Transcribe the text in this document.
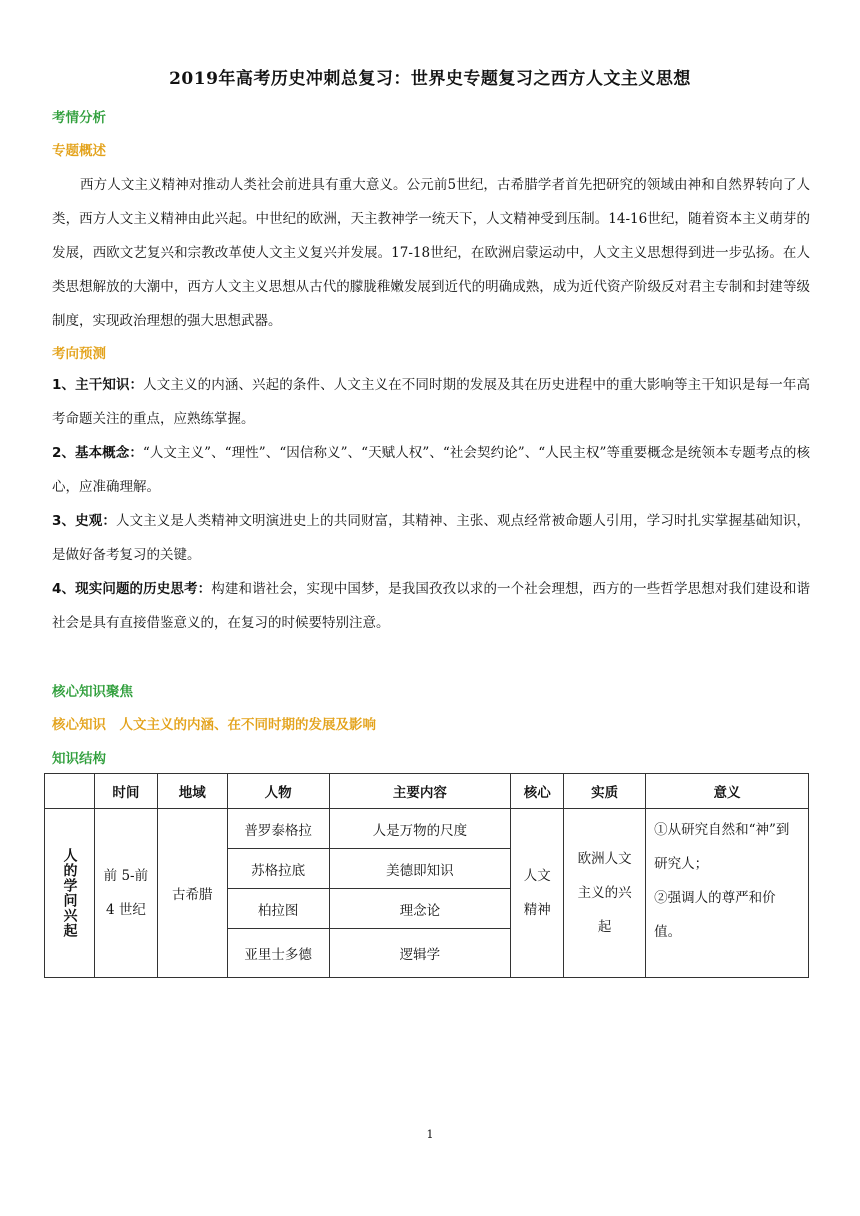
2019年高考历史冲刺总复习：世界史专题复习之西方人文主义思想
考情分析
专题概述
西方人文主义精神对推动人类社会前进具有重大意义。公元前5世纪，古希腊学者首先把研究的领域由神和自然界转向了人类，西方人文主义精神由此兴起。中世纪的欧洲，天主教神学一统天下，人文精神受到压制。14-16世纪，随着资本主义萌芽的发展，西欧文艺复兴和宗教改革使人文主义复兴并发展。17-18世纪，在欧洲启蒙运动中，人文主义思想得到进一步弘扬。在人类思想解放的大潮中，西方人文主义思想从古代的朦胧稚嫩发展到近代的明确成熟，成为近代资产阶级反对君主专制和封建等级制度，实现政治理想的强大思想武器。
考向预测
1、主干知识：人文主义的内涵、兴起的条件、人文主义在不同时期的发展及其在历史进程中的重大影响等主干知识是每一年高考命题关注的重点，应熟练掌握。
2、基本概念：“人文主义”、“理性”、“因信称义”、“天赋人权”、“社会契约论”、“人民主权”等重要概念是统领本专题考点的核心，应准确理解。
3、史观：人文主义是人类精神文明演进史上的共同财富，其精神、主张、观点经常被命题人引用，学习时扎实掌握基础知识，是做好备考复习的关键。
4、现实问题的历史思考：构建和谐社会，实现中国梦，是我国孜孜以求的一个社会理想，西方的一些哲学思想对我们建设和谐社会是具有直接借鉴意义的，在复习的时候要特别注意。
核心知识聚焦
核心知识　人文主义的内涵、在不同时期的发展及影响
知识结构
	时间	地域	人物	主要内容	核心	实质	意义

人的学问兴起	前 5-前 4 世纪	古希腊	普罗泰格拉	人是万物的尺度	人文精神	欧洲人文主义的兴起	①从研究自然和“神”到研究人；
②强调人的尊严和价值。

			苏格拉底	美德即知识			
			柏拉图	理念论			
			亚里士多德	逻辑学			
1
